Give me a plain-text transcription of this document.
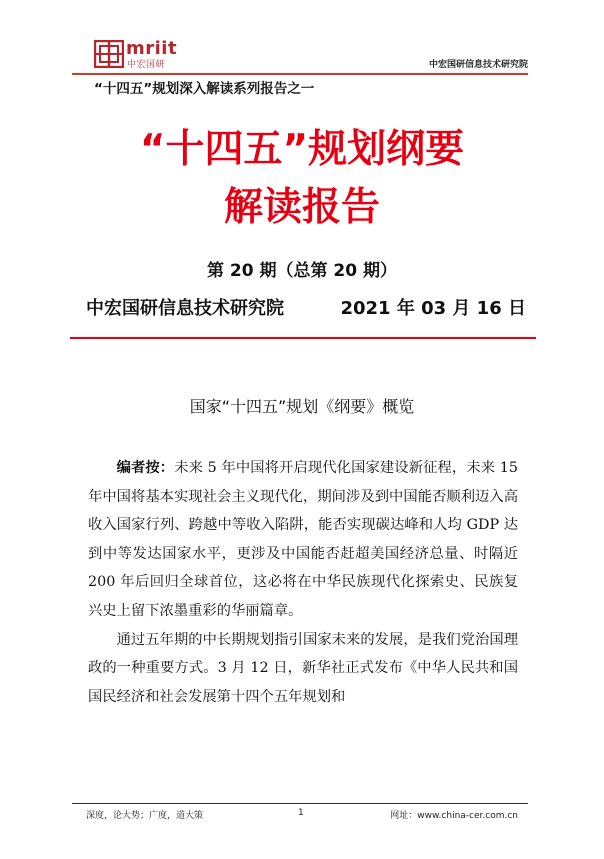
mriit
中宏国研	中宏国研信息技术研究院
“十四五”规划深入解读系列报告之一
“十四五”规划纲要
解读报告
第 20 期（总第 20 期）
中宏国研信息技术研究院	2021 年 03 月 16 日
国家“十四五”规划《纲要》概览

编者按：未来 5 年中国将开启现代化国家建设新征程，未来 15 年中国将基本实现社会主义现代化，期间涉及到中国能否顺利迈入高收入国家行列、跨越中等收入陷阱，能否实现碳达峰和人均 GDP 达到中等发达国家水平，更涉及中国能否赶超美国经济总量、时隔近 200 年后回归全球首位，这必将在中华民族现代化探索史、民族复兴史上留下浓墨重彩的华丽篇章。

通过五年期的中长期规划指引国家未来的发展，是我们党治国理政的一种重要方式。3 月 12 日，新华社正式发布《中华人民共和国国民经济和社会发展第十四个五年规划和

深度，论大势；广度，道大策	1	网址：www.china-cer.com.cn
